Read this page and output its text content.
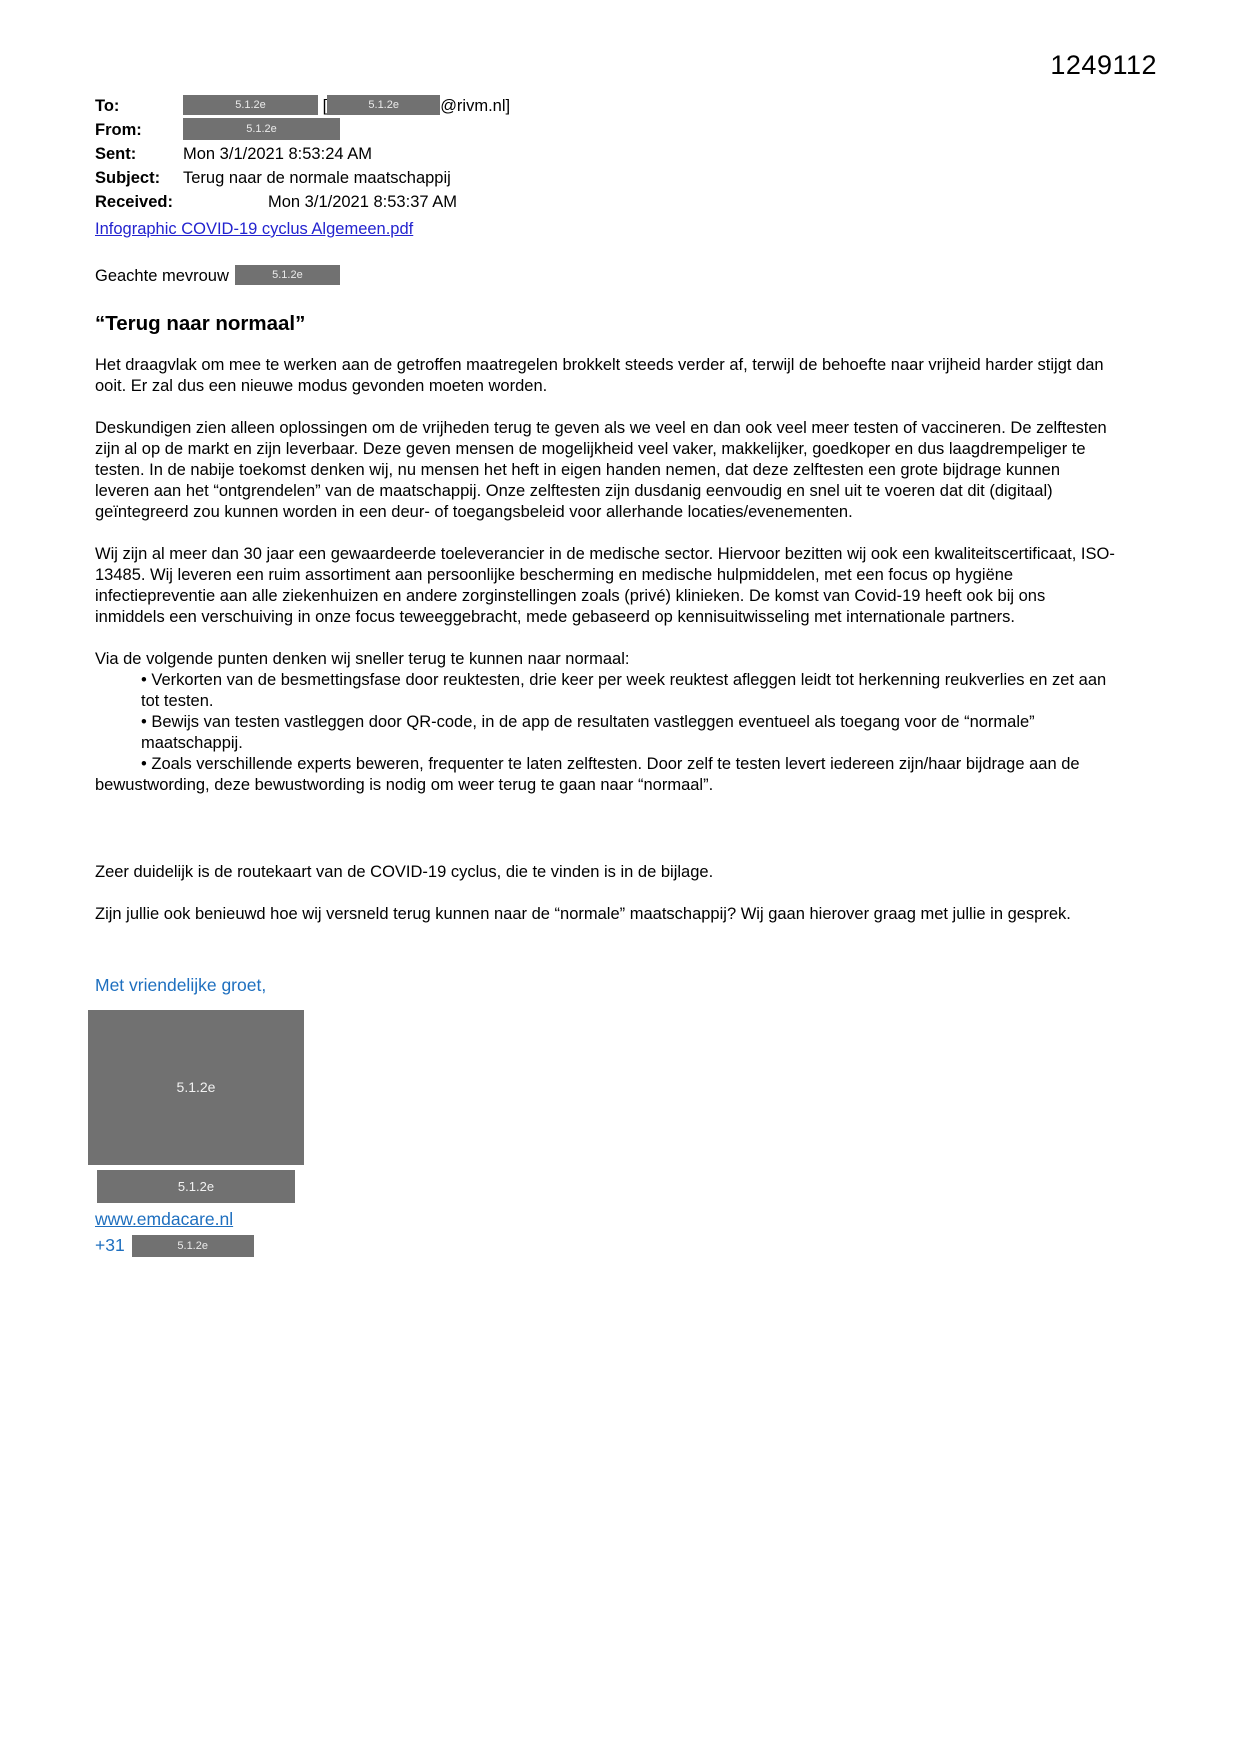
1249112
To:	5.1.2e	[	5.1.2e @rivm.nl]
From:	5.1.2e
Sent:	Mon 3/1/2021 8:53:24 AM
Subject: Terug naar de normale maatschappij
Received:	Mon 3/1/2021 8:53:37 AM
Infographic COVID-19 cyclus Algemeen.pdf
Geachte mevrouw	5.1.2e
“Terug naar normaal”
Het draagvlak om mee te werken aan de getroffen maatregelen brokkelt steeds verder af, terwijl de behoefte naar vrijheid harder stijgt dan ooit. Er zal dus een nieuwe modus gevonden moeten worden.
Deskundigen zien alleen oplossingen om de vrijheden terug te geven als we veel en dan ook veel meer testen of vaccineren. De zelftesten zijn al op de markt en zijn leverbaar. Deze geven mensen de mogelijkheid veel vaker, makkelijker, goedkoper en dus laagdrempeliger te testen. In de nabije toekomst denken wij, nu mensen het heft in eigen handen nemen, dat deze zelftesten een grote bijdrage kunnen leveren aan het “ontgrendelen” van de maatschappij. Onze zelftesten zijn dusdanig eenvoudig en snel uit te voeren dat dit (digitaal) geïntegreerd zou kunnen worden in een deur- of toegangsbeleid voor allerhande locaties/evenementen.
Wij zijn al meer dan 30 jaar een gewaardeerde toeleverancier in de medische sector. Hiervoor bezitten wij ook een kwaliteitscertificaat, ISO-13485. Wij leveren een ruim assortiment aan persoonlijke bescherming en medische hulpmiddelen, met een focus op hygiëne infectiepreventie aan alle ziekenhuizen en andere zorginstellingen zoals (privé) klinieken. De komst van Covid-19 heeft ook bij ons inmiddels een verschuiving in onze focus teweeggebracht, mede gebaseerd op kennisuitwisseling met internationale partners.
Via de volgende punten denken wij sneller terug te kunnen naar normaal:
• Verkorten van de besmettingsfase door reuktesten, drie keer per week reuktest afleggen leidt tot herkenning reukverlies en zet aan tot testen.
• Bewijs van testen vastleggen door QR-code, in de app de resultaten vastleggen eventueel als toegang voor de “normale” maatschappij.
• Zoals verschillende experts beweren, frequenter te laten zelftesten. Door zelf te testen levert iedereen zijn/haar bijdrage aan de bewustwording, deze bewustwording is nodig om weer terug te gaan naar “normaal”.
Zeer duidelijk is de routekaart van de COVID-19 cyclus, die te vinden is in de bijlage.
Zijn jullie ook benieuwd hoe wij versneld terug kunnen naar de “normale” maatschappij? Wij gaan hierover graag met jullie in gesprek.
Met vriendelijke groet,
5.1.2e
5.1.2e
www.emdacare.nl
+31	5.1.2e
